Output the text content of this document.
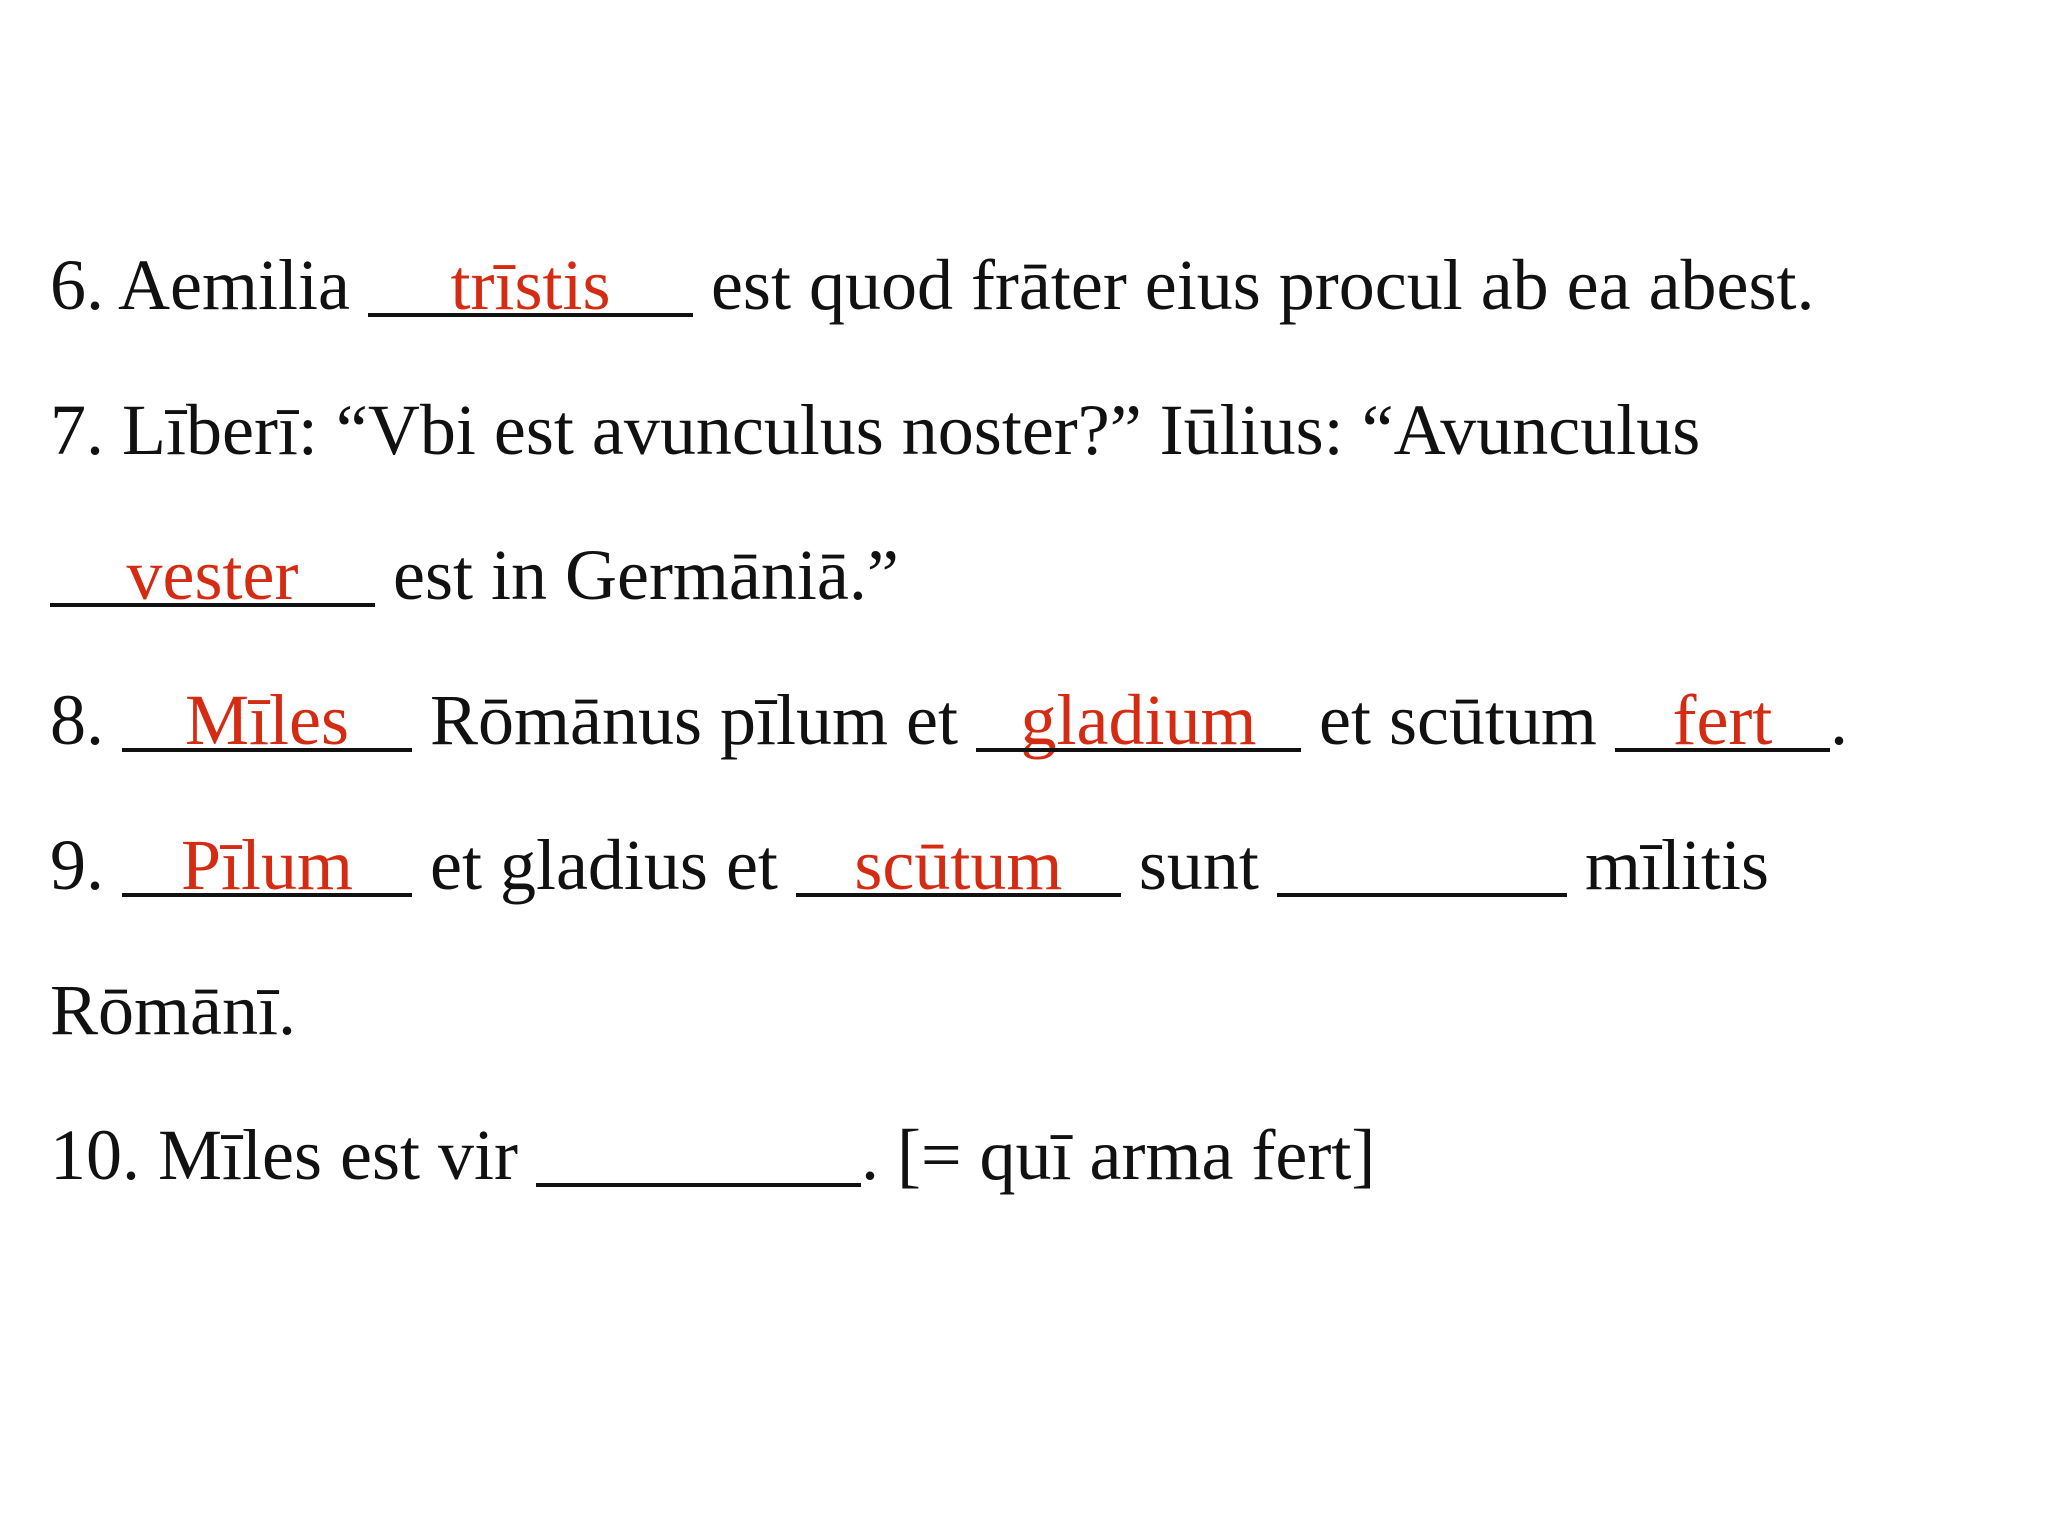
6. Aemilia	trīstis	est quod frāter eius procul ab ea abest.
7. Līberī: “Vbi est avunculus noster?” Iūlius: “Avunculus
vester	est in Germāniā.”
8.	Mīles	Rōmānus pīlum et gladium et scūtum	fert .
9.	Pīlum	et gladius et	scūtum	sunt	mīlitis
Rōmānī.
10. Mīles est vir	. [= quī arma fert]
